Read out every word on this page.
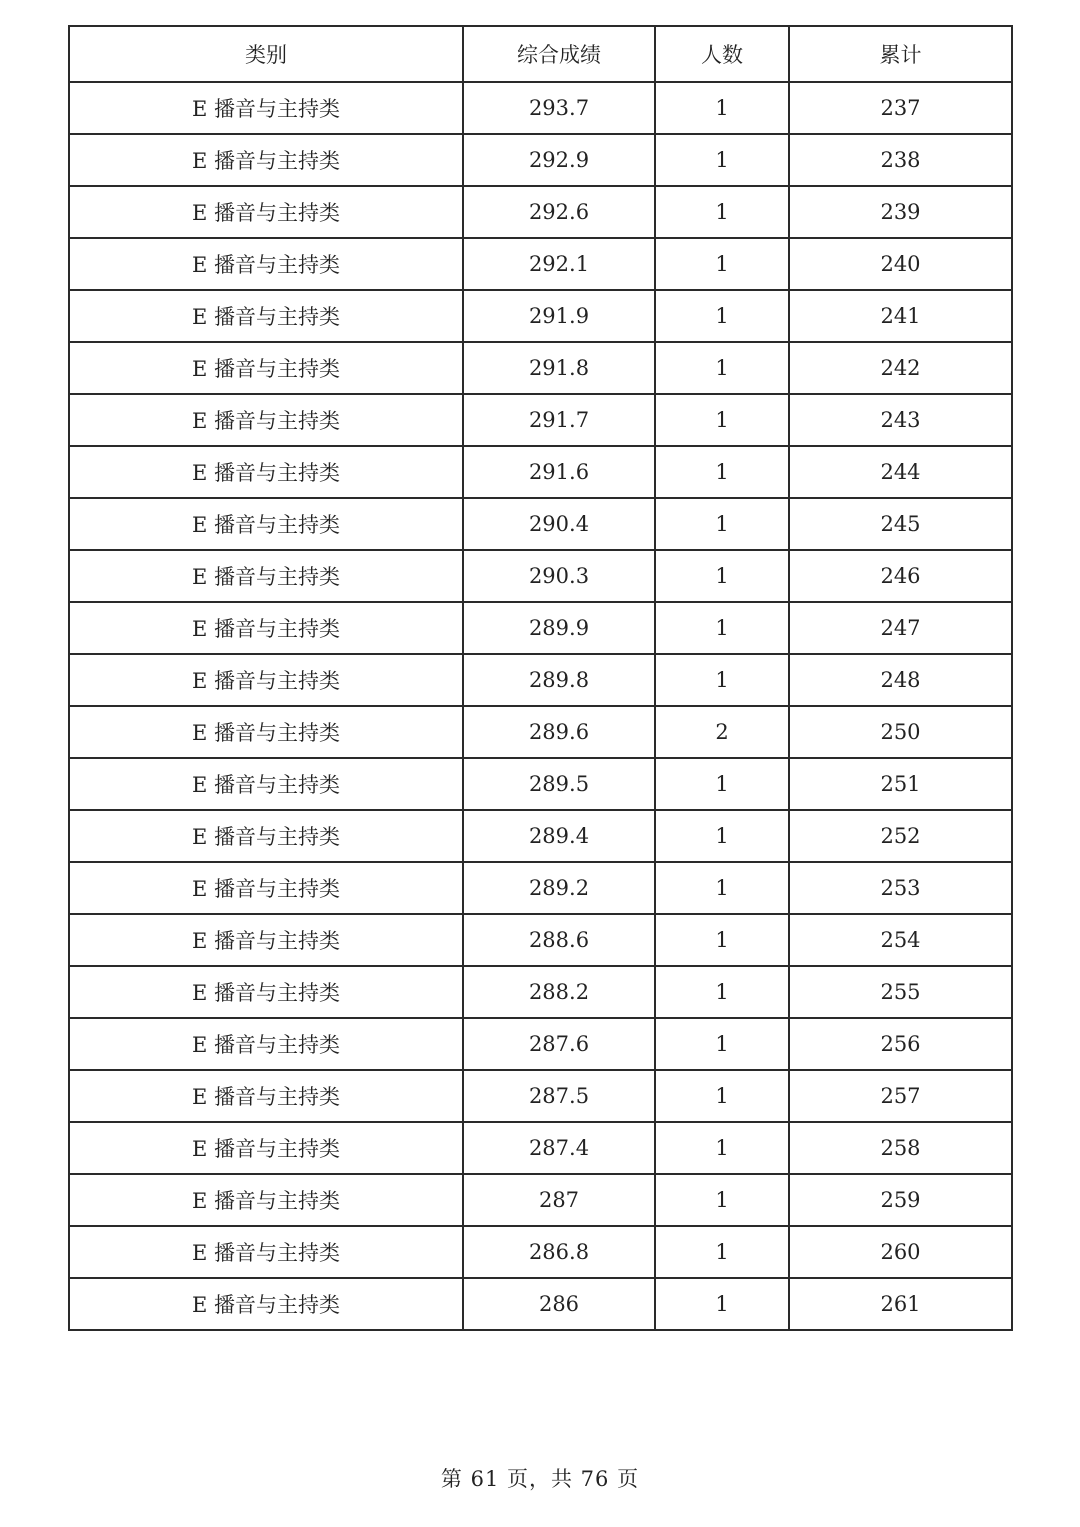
类别	综合成绩	人数	累计
E 播音与主持类	293.7	1	237
E 播音与主持类	292.9	1	238
E 播音与主持类	292.6	1	239
E 播音与主持类	292.1	1	240
E 播音与主持类	291.9	1	241
E 播音与主持类	291.8	1	242
E 播音与主持类	291.7	1	243
E 播音与主持类	291.6	1	244
E 播音与主持类	290.4	1	245
E 播音与主持类	290.3	1	246
E 播音与主持类	289.9	1	247
E 播音与主持类	289.8	1	248
E 播音与主持类	289.6	2	250
E 播音与主持类	289.5	1	251
E 播音与主持类	289.4	1	252
E 播音与主持类	289.2	1	253
E 播音与主持类	288.6	1	254
E 播音与主持类	288.2	1	255
E 播音与主持类	287.6	1	256
E 播音与主持类	287.5	1	257
E 播音与主持类	287.4	1	258
E 播音与主持类	287	1	259
E 播音与主持类	286.8	1	260
E 播音与主持类	286	1	261
第 61 页，共 76 页
